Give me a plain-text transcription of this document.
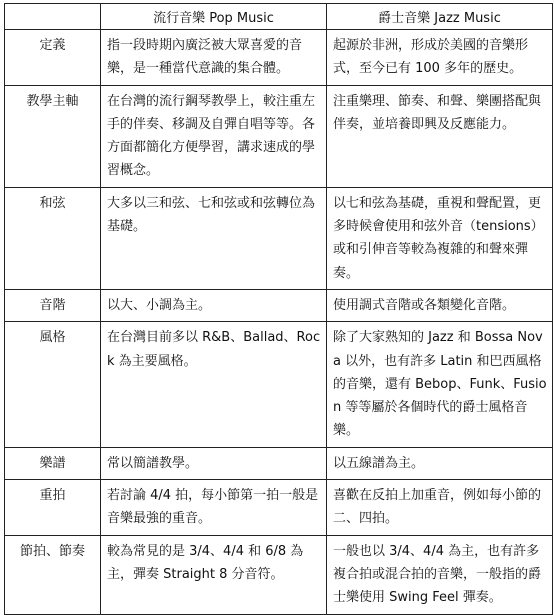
	流行音樂 Pop Music	爵士音樂 Jazz Music
定義	指一段時期內廣泛被大眾喜愛的音樂，是一種當代意識的集合體。	起源於非洲，形成於美國的音樂形式，至今已有 100 多年的歷史。
教學主軸	在台灣的流行鋼琴教學上，較注重左手的伴奏、移調及自彈自唱等等。各方面都簡化方便學習，講求速成的學習概念。	注重樂理、節奏、和聲、樂團搭配與伴奏，並培養即興及反應能力。
和弦	大多以三和弦、七和弦或和弦轉位為基礎。	以七和弦為基礎，重視和聲配置，更多時候會使用和弦外音（tensions）或和引伸音等較為複雜的和聲來彈奏。
音階	以大、小調為主。	使用調式音階或各類變化音階。
風格	在台灣目前多以 R&B、Ballad、Rock 為主要風格。	除了大家熟知的 Jazz 和 Bossa Nova 以外，也有許多 Latin 和巴西風格的音樂，還有 Bebop、Funk、Fusion 等等屬於各個時代的爵士風格音樂。
樂譜	常以簡譜教學。	以五線譜為主。
重拍	若討論 4/4 拍，每小節第一拍一般是音樂最強的重音。	喜歡在反拍上加重音，例如每小節的二、四拍。
節拍、節奏	較為常見的是 3/4、4/4 和 6/8 為主，彈奏 Straight 8 分音符。	一般也以 3/4、4/4 為主，也有許多複合拍或混合拍的音樂，一般指的爵士樂使用 Swing Feel 彈奏。
